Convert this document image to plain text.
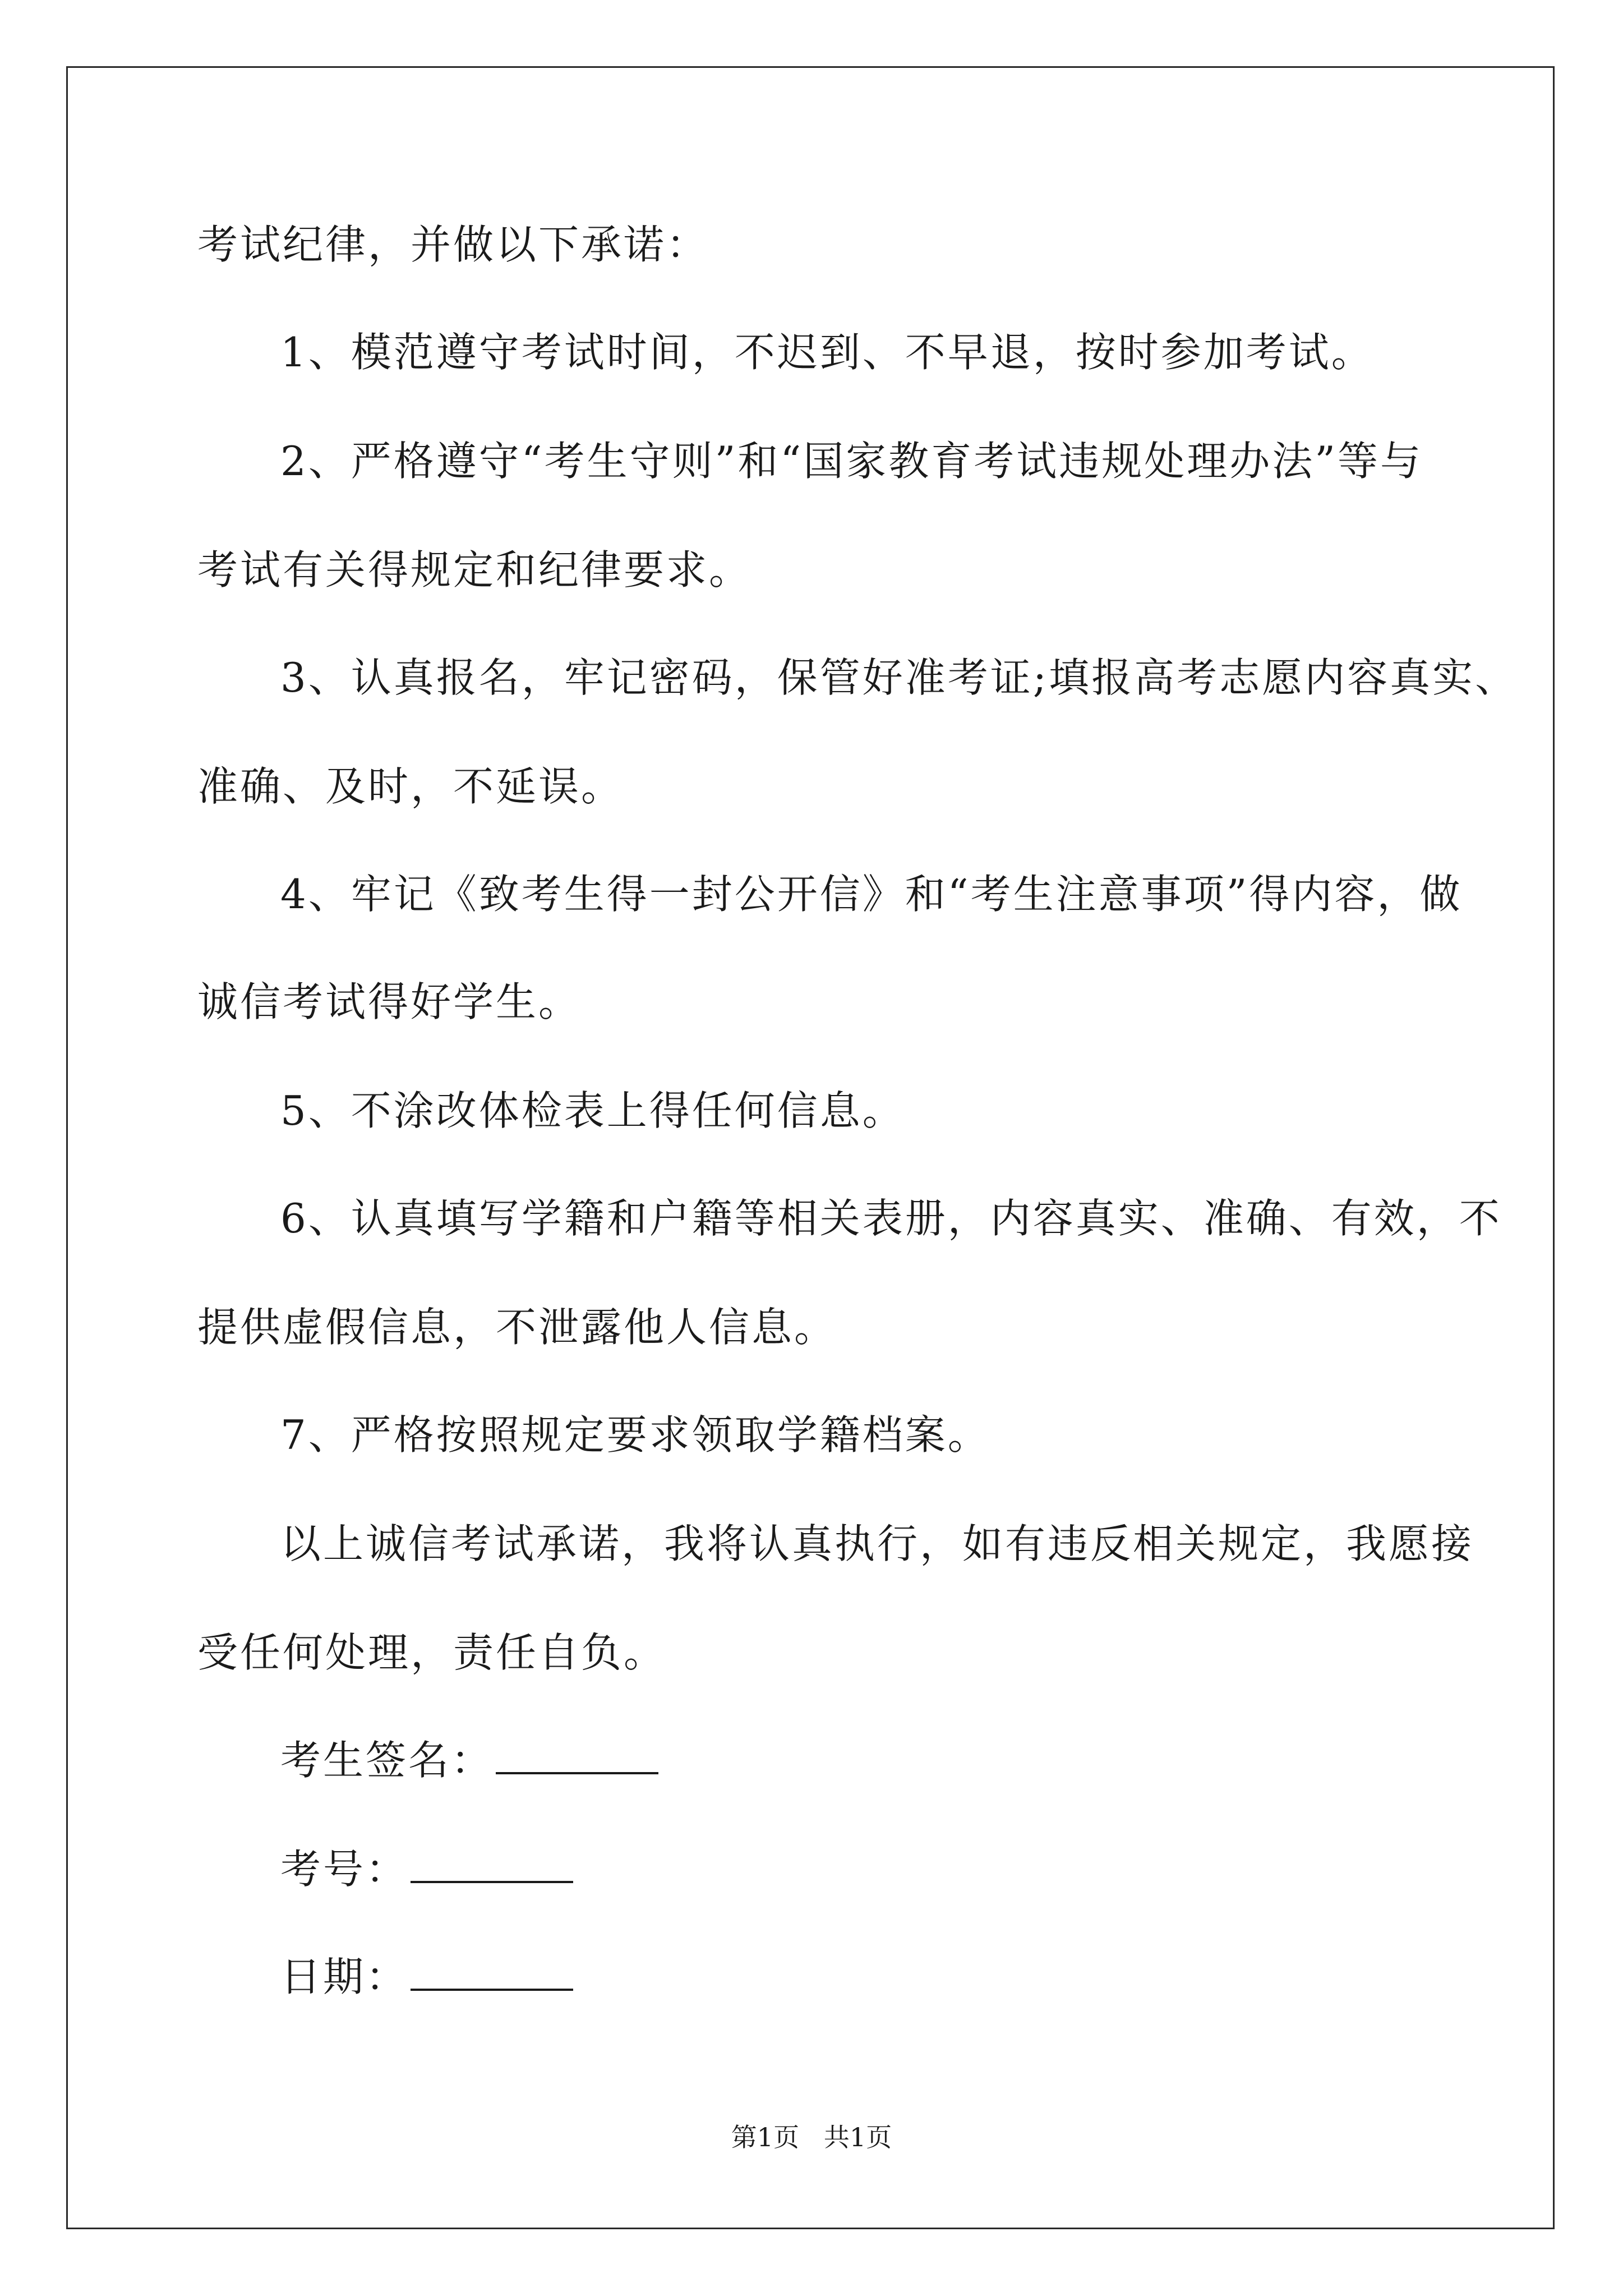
考试纪律，并做以下承诺：
1、模范遵守考试时间，不迟到、不早退，按时参加考试。
2、严格遵守“考生守则”和“国家教育考试违规处理办法”等与
考试有关得规定和纪律要求。
3、认真报名，牢记密码，保管好准考证;填报高考志愿内容真实、
准确、及时，不延误。
4、牢记《致考生得一封公开信》和“考生注意事项”得内容，做
诚信考试得好学生。
5、不涂改体检表上得任何信息。
6、认真填写学籍和户籍等相关表册，内容真实、准确、有效，不
提供虚假信息，不泄露他人信息。
7、严格按照规定要求领取学籍档案。
以上诚信考试承诺，我将认真执行，如有违反相关规定，我愿接
受任何处理，责任自负。
考生签名：
考号：
日期：
第1页   共1页
